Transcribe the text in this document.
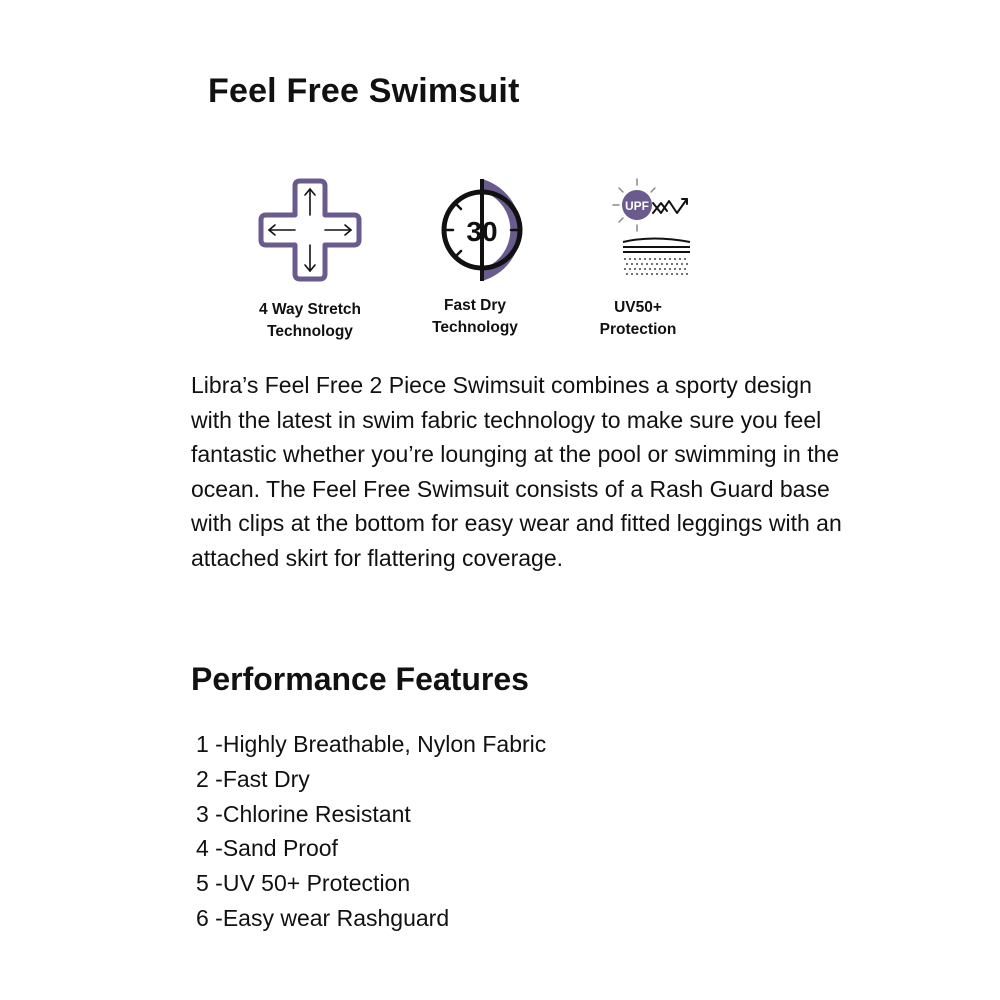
Feel Free Swimsuit
4 Way Stretch
Technology
30
Fast Dry
Technology
UPF
UV50+
Protection

Libra’s Feel Free 2 Piece Swimsuit combines a sporty design with the latest in swim fabric technology to make sure you feel fantastic whether you’re lounging at the pool or swimming in the ocean. The Feel Free Swimsuit consists of a Rash Guard base with clips at the bottom for easy wear and fitted leggings with an attached skirt for flattering coverage.

Performance Features
1 -Highly Breathable, Nylon Fabric
2 -Fast Dry
3 -Chlorine Resistant
4 -Sand Proof
5 -UV 50+ Protection
6 -Easy wear Rashguard
